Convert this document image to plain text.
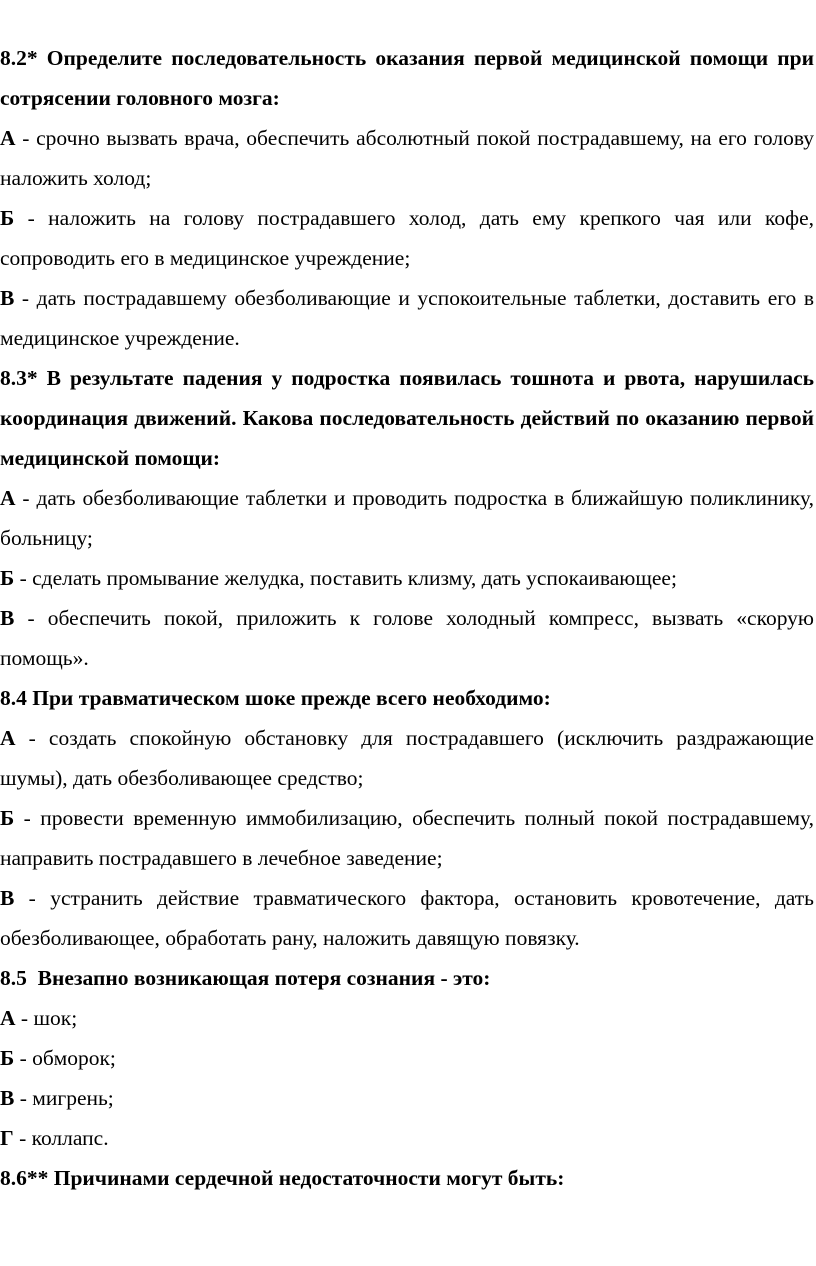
8.2* Определите последовательность оказания первой медицинской помощи при сотрясении головного мозга:

А - срочно вызвать врача, обеспечить абсолютный покой пострадавшему, на его голову наложить холод;

Б - наложить на голову пострадавшего холод, дать ему крепкого чая или кофе, сопроводить его в медицинское учреждение;

В - дать пострадавшему обезболивающие и успокоительные таблетки, доставить его в медицинское учреждение.

8.3* В результате падения у подростка появилась тошнота и рвота, нарушилась координация движений. Какова последовательность действий по оказанию первой медицинской помощи:

А - дать обезболивающие таблетки и проводить подростка в ближайшую поликлинику, больницу;

Б - сделать промывание желудка, поставить клизму, дать успокаивающее;

В - обеспечить покой, приложить к голове холодный компресс, вызвать «скорую помощь».

8.4 При травматическом шоке прежде всего необходимо:

А - создать спокойную обстановку для пострадавшего (исключить раздражающие шумы), дать обезболивающее средство;

Б - провести временную иммобилизацию, обеспечить полный покой пострадавшему, направить пострадавшего в лечебное заведение;

В - устранить действие травматического фактора, остановить кровотечение, дать обезболивающее, обработать рану, наложить давящую повязку.

8.5 Внезапно возникающая потеря сознания - это:

А - шок;

Б - обморок;

В - мигрень;

Г - коллапс.

8.6** Причинами сердечной недостаточности могут быть:
